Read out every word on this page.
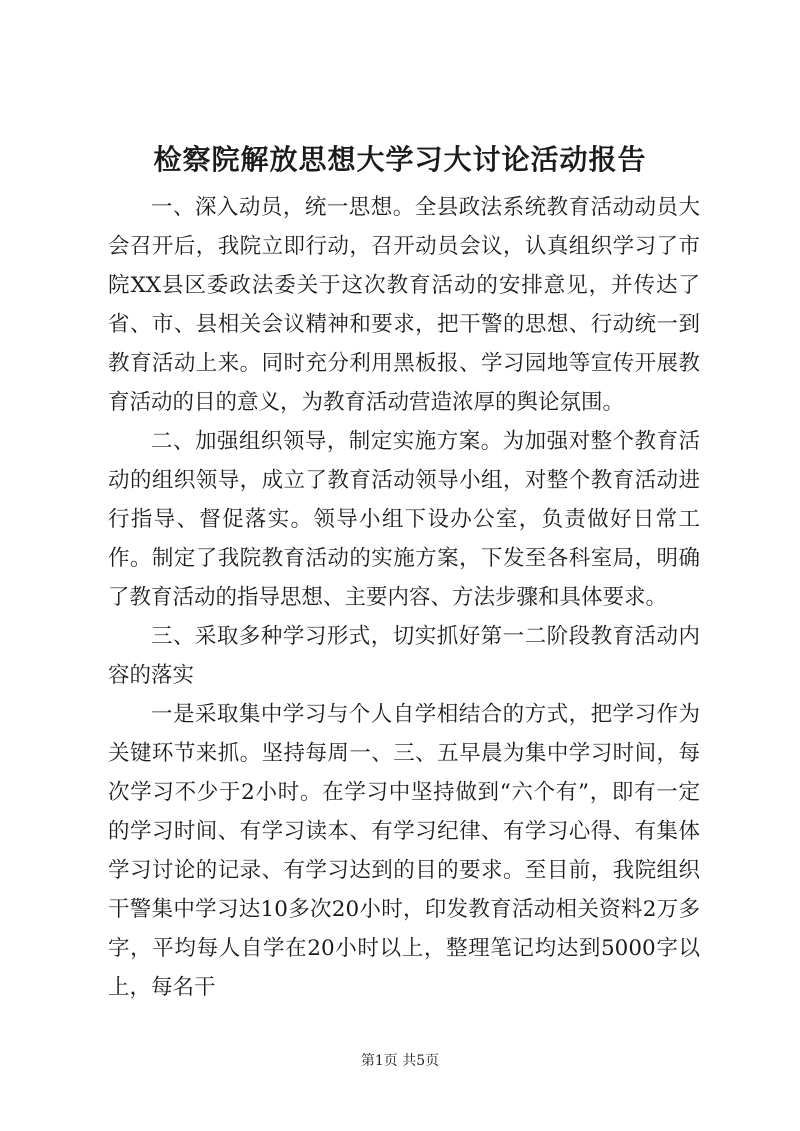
检察院解放思想大学习大讨论活动报告

一、深入动员，统一思想。全县政法系统教育活动动员大会召开后，我院立即行动，召开动员会议，认真组织学习了市院XX县区委政法委关于这次教育活动的安排意见，并传达了省、市、县相关会议精神和要求，把干警的思想、行动统一到教育活动上来。同时充分利用黑板报、学习园地等宣传开展教育活动的目的意义，为教育活动营造浓厚的舆论氛围。

二、加强组织领导，制定实施方案。为加强对整个教育活动的组织领导，成立了教育活动领导小组，对整个教育活动进行指导、督促落实。领导小组下设办公室，负责做好日常工作。制定了我院教育活动的实施方案，下发至各科室局，明确了教育活动的指导思想、主要内容、方法步骤和具体要求。

三、采取多种学习形式，切实抓好第一二阶段教育活动内容的落实

一是采取集中学习与个人自学相结合的方式，把学习作为关键环节来抓。坚持每周一、三、五早晨为集中学习时间，每次学习不少于2小时。在学习中坚持做到“六个有”，即有一定的学习时间、有学习读本、有学习纪律、有学习心得、有集体学习讨论的记录、有学习达到的目的要求。至目前，我院组织干警集中学习达10多次20小时，印发教育活动相关资料2万多字，平均每人自学在20小时以上，整理笔记均达到5000字以上，每名干

第1页 共5页
